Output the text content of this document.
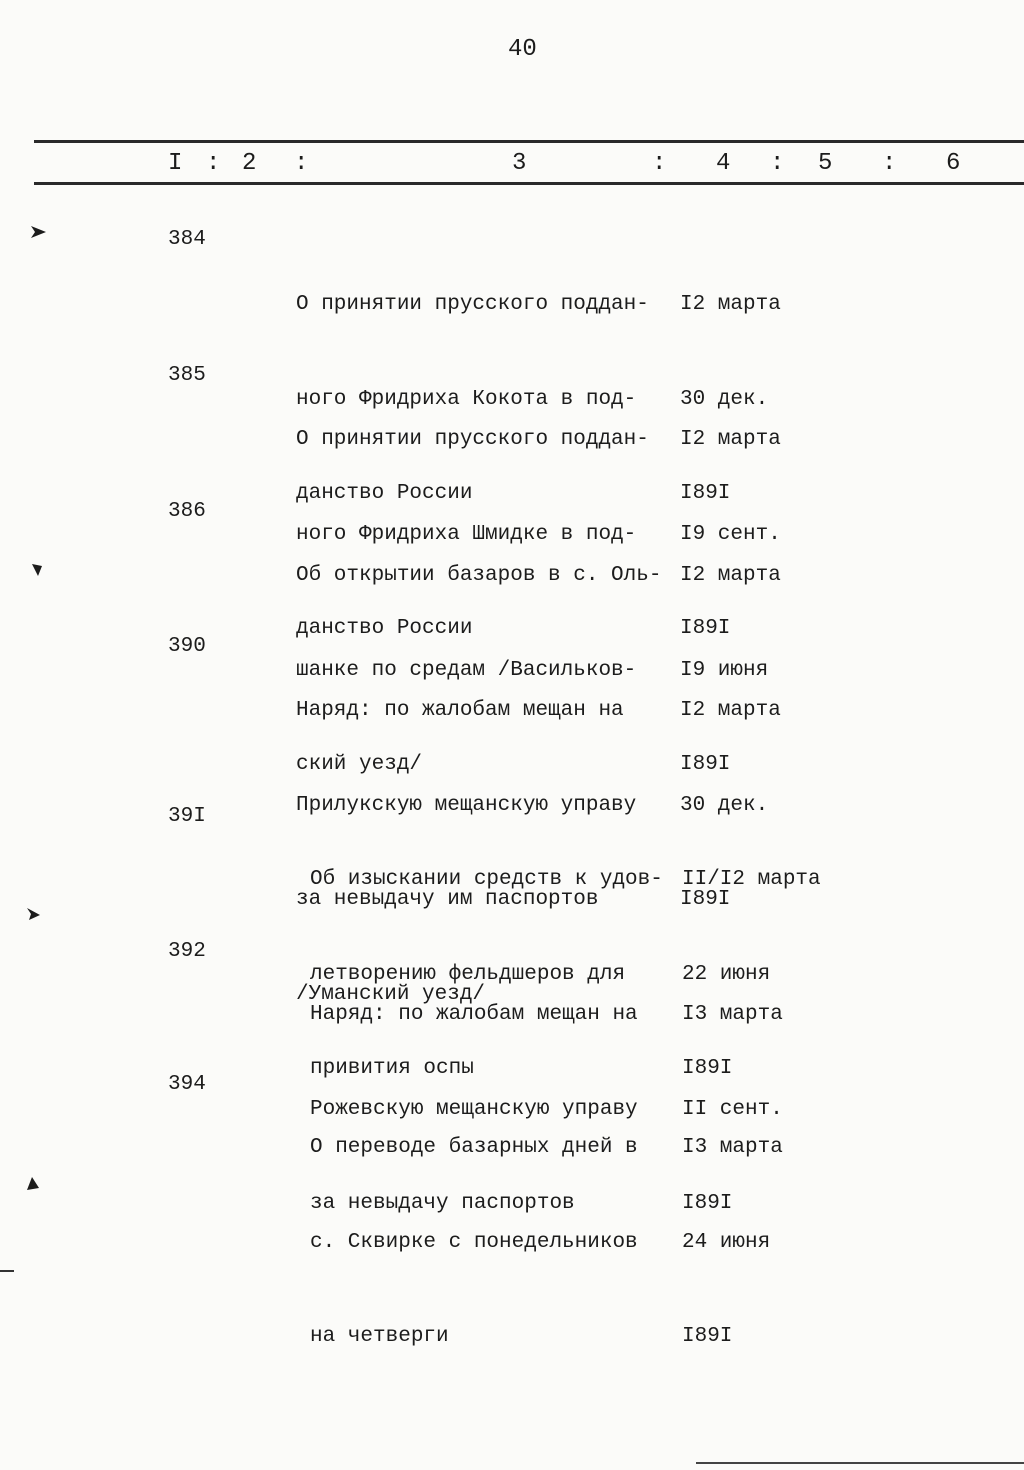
40
I : 2 :	3	: 4 : 5 : 6
384

О принятии прусского поддан-

ного Фридриха Кокота в под-

данство России

I2 марта

30 дек.

I89I

385

О принятии прусского поддан-

ного Фридриха Шмидке в под-

данство России

I2 марта

I9 сент.

I89I

386

Об открытии базаров в с. Оль-

шанке по средам /Васильков-

ский уезд/

I2 марта

I9 июня

I89I

390

Наряд: по жалобам мещан на

Прилукскую мещанскую управу

за невыдачу им паспортов

/Уманский уезд/

I2 марта

30 дек.

I89I

39I

Об изыскании средств к удов-

летворению фельдшеров для

привития оспы

II/I2 марта

22 июня

I89I

392

Наряд: по жалобам мещан на

Рожевскую мещанскую управу

за невыдачу паспортов

I3 марта

II сент.

I89I

394

О переводе базарных дней в

с. Сквирке с понедельников

на четверги

I3 марта

24 июня

I89I
